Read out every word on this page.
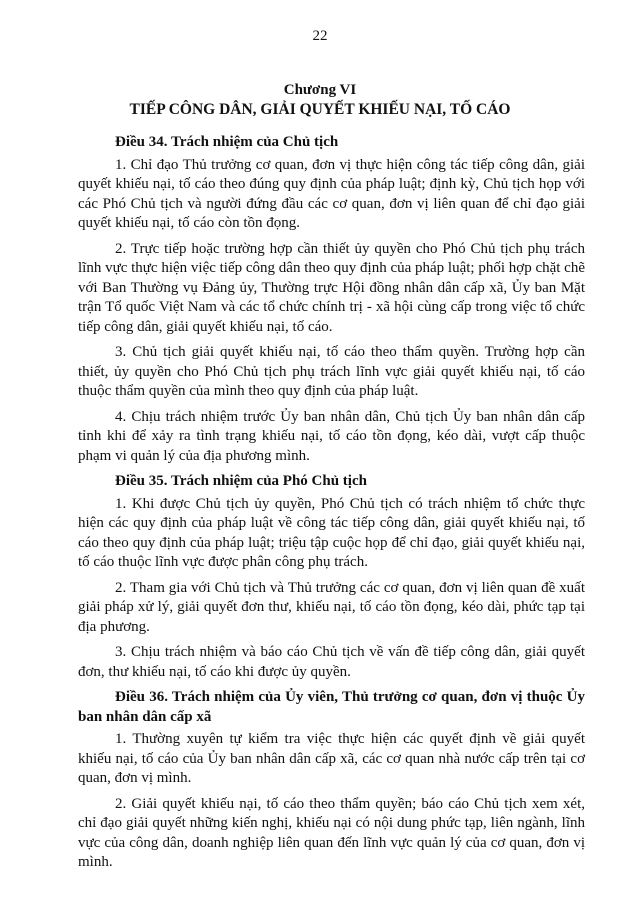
22
Chương VI
TIẾP CÔNG DÂN, GIẢI QUYẾT KHIẾU NẠI, TỐ CÁO
Điều 34. Trách nhiệm của Chủ tịch

1. Chỉ đạo Thủ trưởng cơ quan, đơn vị thực hiện công tác tiếp công dân, giải quyết khiếu nại, tố cáo theo đúng quy định của pháp luật; định kỳ, Chủ tịch họp với các Phó Chủ tịch và người đứng đầu các cơ quan, đơn vị liên quan để chỉ đạo giải quyết khiếu nại, tố cáo còn tồn đọng.

2. Trực tiếp hoặc trường hợp cần thiết ủy quyền cho Phó Chủ tịch phụ trách lĩnh vực thực hiện việc tiếp công dân theo quy định của pháp luật; phối hợp chặt chẽ với Ban Thường vụ Đảng ủy, Thường trực Hội đồng nhân dân cấp xã, Ủy ban Mặt trận Tổ quốc Việt Nam và các tổ chức chính trị - xã hội cùng cấp trong việc tổ chức tiếp công dân, giải quyết khiếu nại, tố cáo.

3. Chủ tịch giải quyết khiếu nại, tố cáo theo thẩm quyền. Trường hợp cần thiết, ủy quyền cho Phó Chủ tịch phụ trách lĩnh vực giải quyết khiếu nại, tố cáo thuộc thẩm quyền của mình theo quy định của pháp luật.

4. Chịu trách nhiệm trước Ủy ban nhân dân, Chủ tịch Ủy ban nhân dân cấp tỉnh khi để xảy ra tình trạng khiếu nại, tố cáo tồn đọng, kéo dài, vượt cấp thuộc phạm vi quản lý của địa phương mình.

Điều 35. Trách nhiệm của Phó Chủ tịch

1. Khi được Chủ tịch ủy quyền, Phó Chủ tịch có trách nhiệm tổ chức thực hiện các quy định của pháp luật về công tác tiếp công dân, giải quyết khiếu nại, tố cáo theo quy định của pháp luật; triệu tập cuộc họp để chỉ đạo, giải quyết khiếu nại, tố cáo thuộc lĩnh vực được phân công phụ trách.

2. Tham gia với Chủ tịch và Thủ trưởng các cơ quan, đơn vị liên quan đề xuất giải pháp xử lý, giải quyết đơn thư, khiếu nại, tố cáo tồn đọng, kéo dài, phức tạp tại địa phương.

3. Chịu trách nhiệm và báo cáo Chủ tịch về vấn đề tiếp công dân, giải quyết đơn, thư khiếu nại, tố cáo khi được ủy quyền.

Điều 36. Trách nhiệm của Ủy viên, Thủ trưởng cơ quan, đơn vị thuộc Ủy ban nhân dân cấp xã

1. Thường xuyên tự kiểm tra việc thực hiện các quyết định về giải quyết khiếu nại, tố cáo của Ủy ban nhân dân cấp xã, các cơ quan nhà nước cấp trên tại cơ quan, đơn vị mình.

2. Giải quyết khiếu nại, tố cáo theo thẩm quyền; báo cáo Chủ tịch xem xét, chỉ đạo giải quyết những kiến nghị, khiếu nại có nội dung phức tạp, liên ngành, lĩnh vực của công dân, doanh nghiệp liên quan đến lĩnh vực quản lý của cơ quan, đơn vị mình.
